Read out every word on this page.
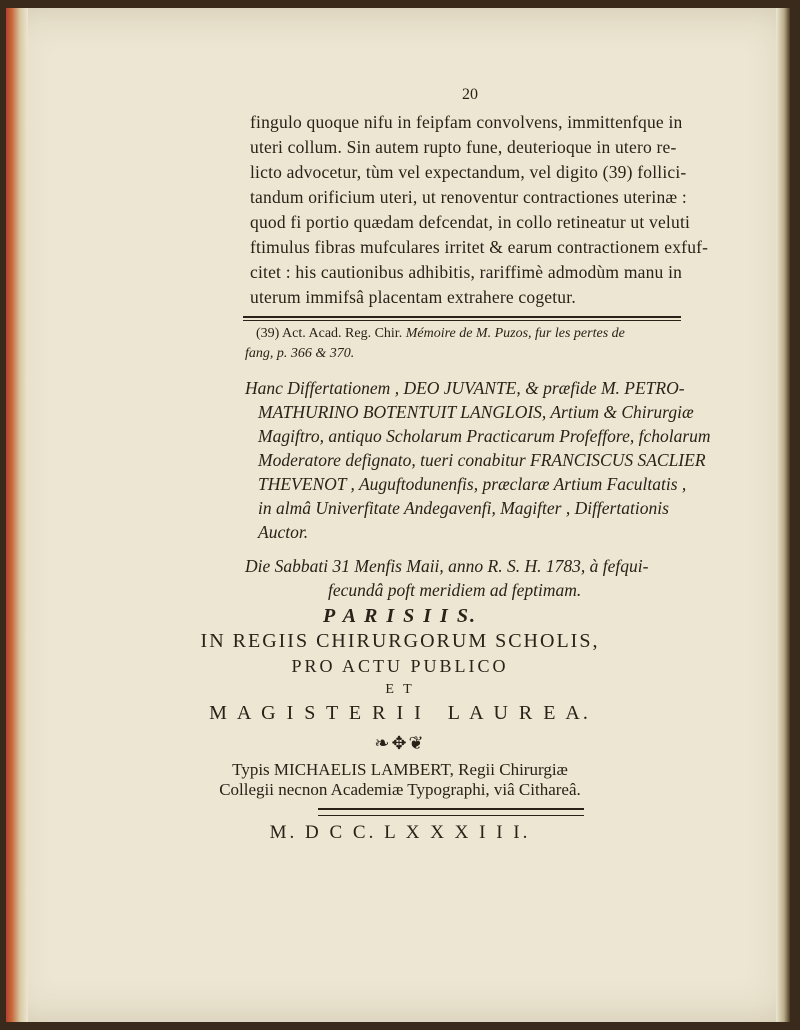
20
fingulo quoque nifu in feipfam convolvens, immittenfque in
uteri collum. Sin autem rupto fune, deuterioque in utero re-
licto advocetur, tùm vel expectandum, vel digito (39) follici-
tandum orificium uteri, ut renoventur contractiones uterinæ :
quod fi portio quædam defcendat, in collo retineatur ut veluti
ftimulus fibras mufculares irritet & earum contractionem exfuf-
citet : his cautionibus adhibitis, rariffimè admodùm manu in
uterum immifsâ placentam extrahere cogetur.
(39) Act. Acad. Reg. Chir. Mémoire de M. Puzos, fur les pertes de
fang, p. 366 & 370.
Hanc Differtationem , DEO JUVANTE, & præfide M. PETRO-
MATHURINO BOTENTUIT LANGLOIS, Artium & Chirurgiæ
Magiftro, antiquo Scholarum Practicarum Profeffore, fcholarum
Moderatore defignato, tueri conabitur FRANCISCUS SACLIER
THEVENOT , Auguftodunenfis, præclaræ Artium Facultatis ,
in almâ Univerfitate Andegavenfi, Magifter , Differtationis
Auctor.
Die Sabbati 31 Menfis Maii, anno R. S. H. 1783, à fefqui-
fecundâ poft meridiem ad feptimam.
P A R I S I I S.
IN REGIIS CHIRURGORUM SCHOLIS,
PRO ACTU PUBLICO
E T
M A G I S T E R I I   L A U R E A.
❧✥❦
Typis MICHAELIS LAMBERT, Regii Chirurgiæ
Collegii necnon Academiæ Typographi, viâ Cithareâ.
M. D C C. L X X X I I I.
